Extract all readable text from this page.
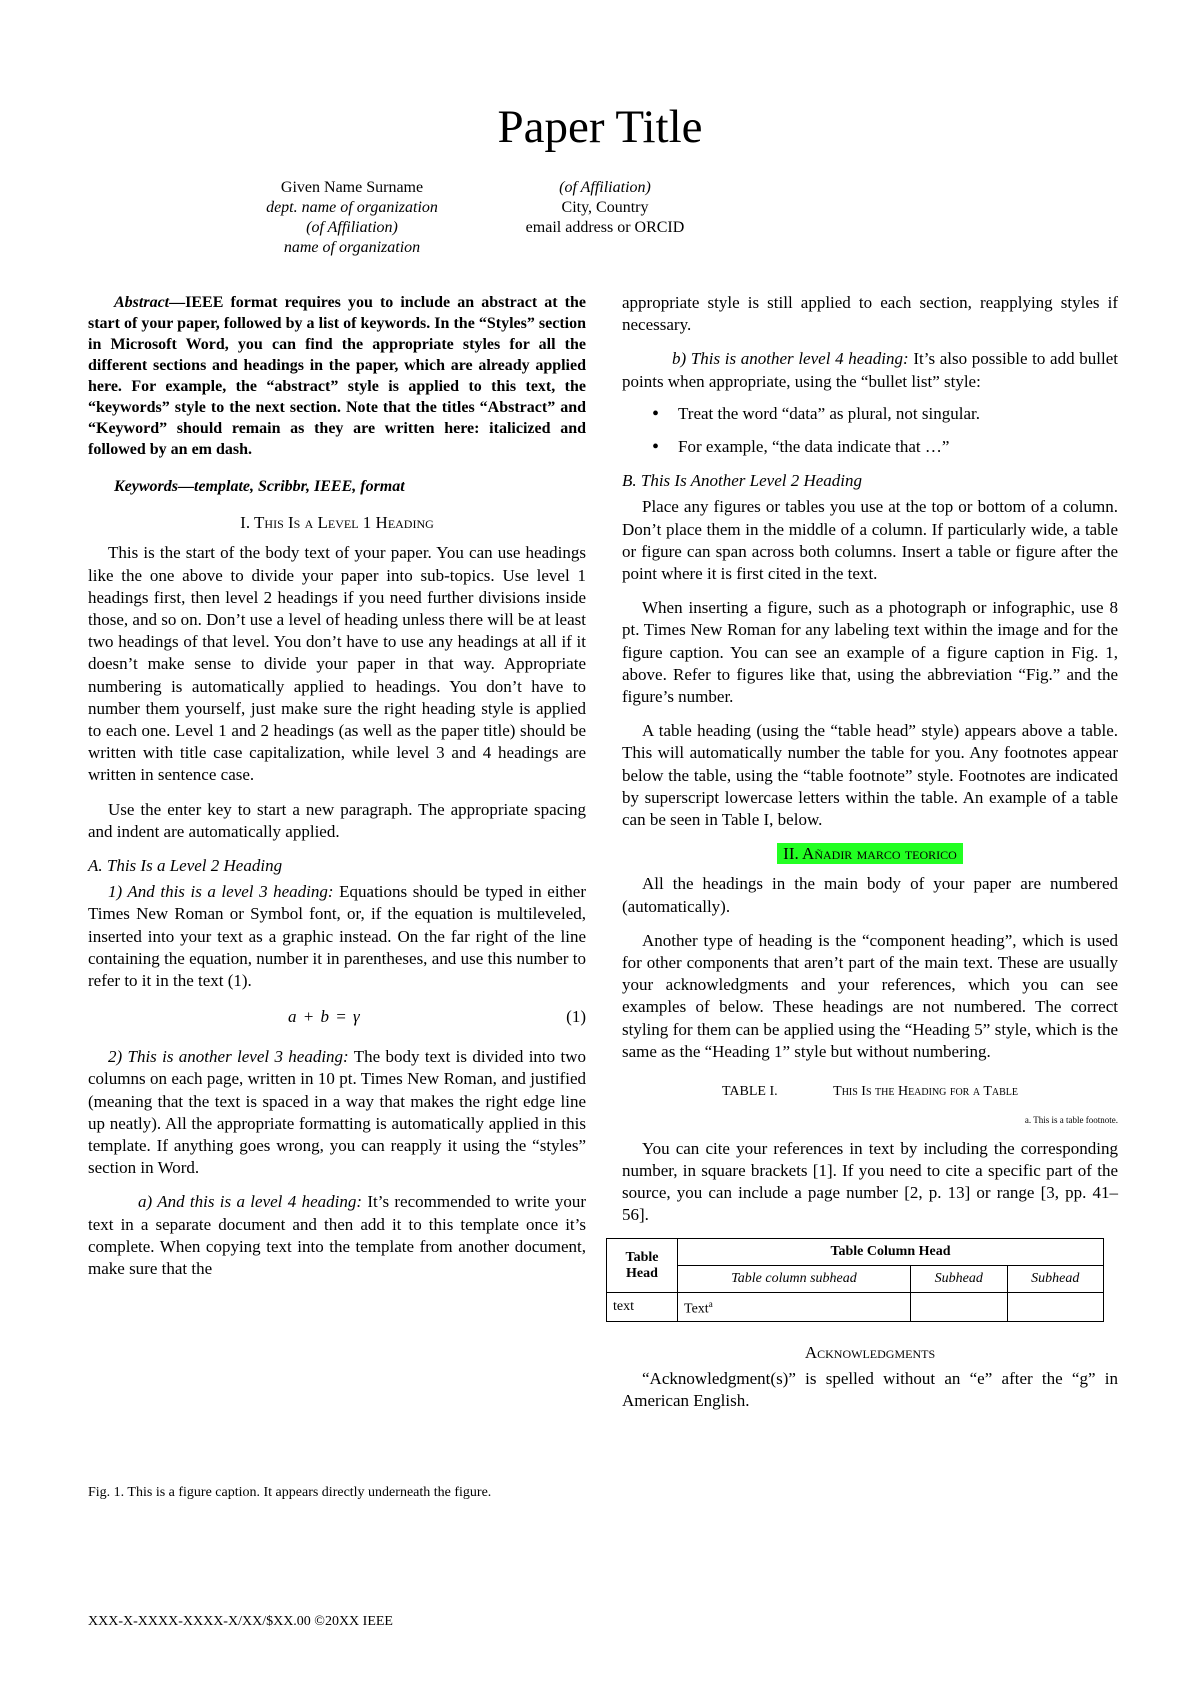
Paper Title
Given Name Surname
dept. name of organization
(of Affiliation)
name of organization
(of Affiliation)
City, Country
email address or ORCID

Abstract—IEEE format requires you to include an abstract at the start of your paper, followed by a list of keywords. In the “Styles” section in Microsoft Word, you can find the appropriate styles for all the different sections and headings in the paper, which are already applied here. For example, the “abstract” style is applied to this text, the “keywords” style to the next section. Note that the titles “Abstract” and “Keyword” should remain as they are written here: italicized and followed by an em dash.

Keywords—template, Scribbr, IEEE, format

I. This Is a Level 1 Heading

This is the start of the body text of your paper. You can use headings like the one above to divide your paper into sub-topics. Use level 1 headings first, then level 2 headings if you need further divisions inside those, and so on. Don’t use a level of heading unless there will be at least two headings of that level. You don’t have to use any headings at all if it doesn’t make sense to divide your paper in that way. Appropriate numbering is automatically applied to headings. You don’t have to number them yourself, just make sure the right heading style is applied to each one. Level 1 and 2 headings (as well as the paper title) should be written with title case capitalization, while level 3 and 4 headings are written in sentence case.

Use the enter key to start a new paragraph. The appropriate spacing and indent are automatically applied.

A. This Is a Level 2 Heading

1) And this is a level 3 heading: Equations should be typed in either Times New Roman or Symbol font, or, if the equation is multileveled, inserted into your text as a graphic instead. On the far right of the line containing the equation, number it in parentheses, and use this number to refer to it in the text (1).

a + b = γ	(1)

2) This is another level 3 heading: The body text is divided into two columns on each page, written in 10 pt. Times New Roman, and justified (meaning that the text is spaced in a way that makes the right edge line up neatly). All the appropriate formatting is automatically applied in this template. If anything goes wrong, you can reapply it using the “styles” section in Word.

a) And this is a level 4 heading: It’s recommended to write your text in a separate document and then add it to this template once it’s complete. When copying text into the template from another document, make sure that the

Fig. 1. This is a figure caption. It appears directly underneath the figure.

appropriate style is still applied to each section, reapplying styles if necessary.

b) This is another level 4 heading: It’s also possible to add bullet points when appropriate, using the “bullet list” style:

• Treat the word “data” as plural, not singular.
• For example, “the data indicate that …”
B. This Is Another Level 2 Heading

Place any figures or tables you use at the top or bottom of a column. Don’t place them in the middle of a column. If particularly wide, a table or figure can span across both columns. Insert a table or figure after the point where it is first cited in the text.

When inserting a figure, such as a photograph or infographic, use 8 pt. Times New Roman for any labeling text within the image and for the figure caption. You can see an example of a figure caption in Fig. 1, above. Refer to figures like that, using the abbreviation “Fig.” and the figure’s number.

A table heading (using the “table head” style) appears above a table. This will automatically number the table for you. Any footnotes appear below the table, using the “table footnote” style. Footnotes are indicated by superscript lowercase letters within the table. An example of a table can be seen in Table I, below.

II. Añadir marco teorico

All the headings in the main body of your paper are numbered (automatically).

Another type of heading is the “component heading”, which is used for other components that aren’t part of the main text. These are usually your acknowledgments and your references, which you can see examples of below. These headings are not numbered. The correct styling for them can be applied using the “Heading 5” style, which is the same as the “Heading 1” style but without numbering.

TABLE I.	This Is the Heading for a Table
a. This is a table footnote.

You can cite your references in text by including the corresponding number, in square brackets [1]. If you need to cite a specific part of the source, you can include a page number [2, p. 13] or range [3, pp. 41–56].

Table Head	Table Column Head		
	Table column subhead	Subhead	Subhead
text	Text$^a$		
Acknowledgments

“Acknowledgment(s)” is spelled without an “e” after the “g” in American English.

XXX-X-XXXX-XXXX-X/XX/$XX.00 ©20XX IEEE
